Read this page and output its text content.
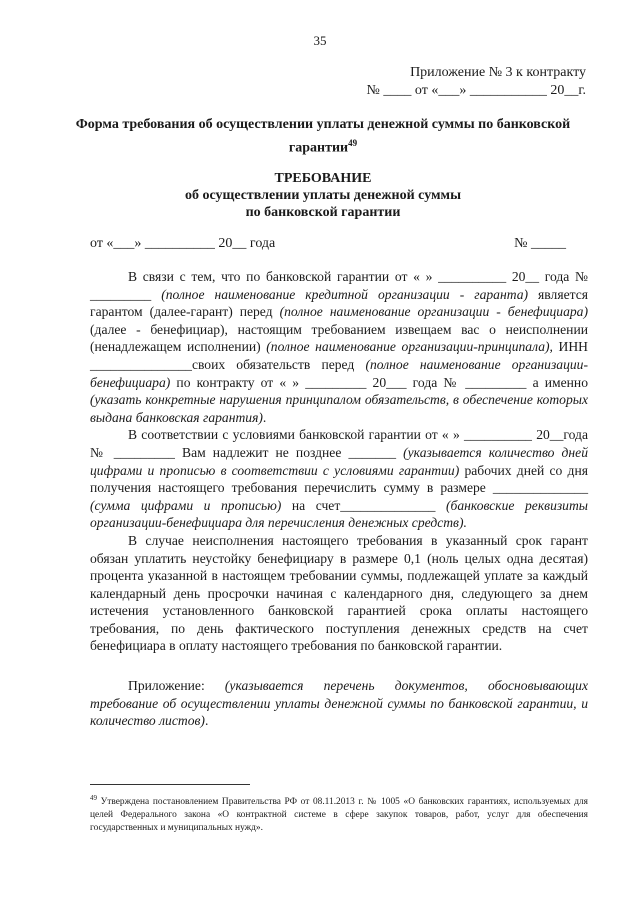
35
Приложение № 3 к контракту
№ ____ от «___» ___________ 20__г.
Форма требования об осуществлении уплаты денежной суммы по банковской гарантии$^{49}$
ТРЕБОВАНИЕ
об осуществлении уплаты денежной суммы
по банковской гарантии
от «___» __________ 20__ года	№ _____

В связи с тем, что по банковской гарантии от « » __________ 20__ года № _________ (полное наименование кредитной организации - гаранта) является гарантом (далее-гарант) перед (полное наименование организации - бенефициара) (далее - бенефициар), настоящим требованием извещаем вас о неисполнении (ненадлежащем исполнении) (полное наименование организации-принципала), ИНН _______________своих обязательств перед (полное наименование организации-бенефициара) по контракту от « » _________ 20___ года № _________ а именно (указать конкретные нарушения принципалом обязательств, в обеспечение которых выдана банковская гарантия).

В соответствии с условиями банковской гарантии от « » __________ 20__года № _________ Вам надлежит не позднее _______ (указывается количество дней цифрами и прописью в соответствии с условиями гарантии) рабочих дней со дня получения настоящего требования перечислить сумму в размере ______________ (сумма цифрами и прописью) на счет______________ (банковские реквизиты организации-бенефициара для перечисления денежных средств).

В случае неисполнения настоящего требования в указанный срок гарант обязан уплатить неустойку бенефициару в размере 0,1 (ноль целых одна десятая) процента указанной в настоящем требовании суммы, подлежащей уплате за каждый календарный день просрочки начиная с календарного дня, следующего за днем истечения установленного банковской гарантией срока оплаты настоящего требования, по день фактического поступления денежных средств на счет бенефициара в оплату настоящего требования по банковской гарантии.

Приложение: (указывается перечень документов, обосновывающих требование об осуществлении уплаты денежной суммы по банковской гарантии, и количество листов).

$^{49}$ Утверждена постановлением Правительства РФ от 08.11.2013 г. № 1005 «О банковских гарантиях, используемых для целей Федерального закона «О контрактной системе в сфере закупок товаров, работ, услуг для обеспечения государственных и муниципальных нужд».
